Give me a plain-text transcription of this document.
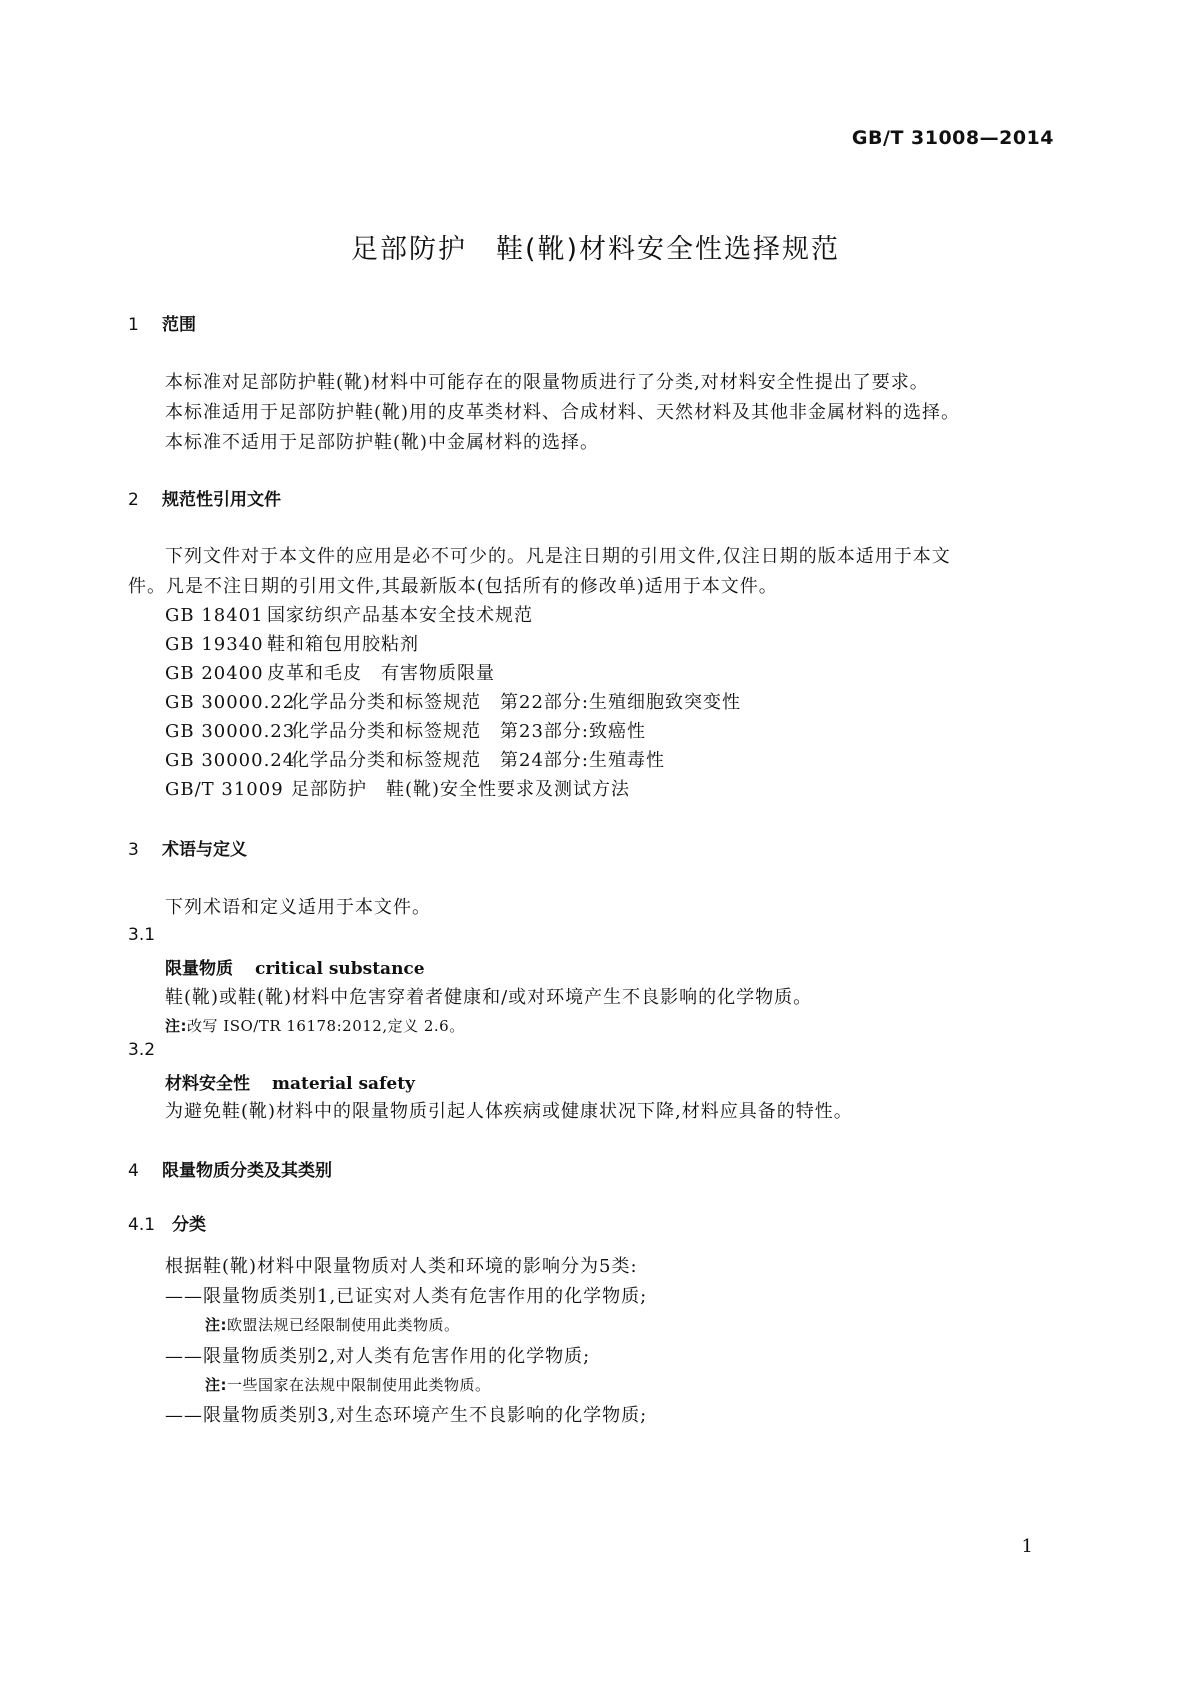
GB/T 31008—2014
足部防护　鞋(靴)材料安全性选择规范
1 范围
本标准对足部防护鞋(靴)材料中可能存在的限量物质进行了分类,对材料安全性提出了要求。
本标准适用于足部防护鞋(靴)用的皮革类材料、合成材料、天然材料及其他非金属材料的选择。
本标准不适用于足部防护鞋(靴)中金属材料的选择。
2 规范性引用文件
下列文件对于本文件的应用是必不可少的。凡是注日期的引用文件,仅注日期的版本适用于本文
件。凡是不注日期的引用文件,其最新版本(包括所有的修改单)适用于本文件。
GB 18401 国家纺织产品基本安全技术规范
GB 19340 鞋和箱包用胶粘剂
GB 20400 皮革和毛皮　有害物质限量
GB 30000.22化学品分类和标签规范　第22部分:生殖细胞致突变性
GB 30000.23化学品分类和标签规范　第23部分:致癌性
GB 30000.24化学品分类和标签规范　第24部分:生殖毒性
GB/T 31009 足部防护　鞋(靴)安全性要求及测试方法
3 术语与定义
下列术语和定义适用于本文件。
3.1
限量物质 critical substance
鞋(靴)或鞋(靴)材料中危害穿着者健康和/或对环境产生不良影响的化学物质。
注:改写 ISO/TR 16178:2012,定义 2.6。
3.2
材料安全性 material safety
为避免鞋(靴)材料中的限量物质引起人体疾病或健康状况下降,材料应具备的特性。
4 限量物质分类及其类别
4.1 分类
根据鞋(靴)材料中限量物质对人类和环境的影响分为5类:
——限量物质类别1,已证实对人类有危害作用的化学物质;
注:欧盟法规已经限制使用此类物质。
——限量物质类别2,对人类有危害作用的化学物质;
注:一些国家在法规中限制使用此类物质。
——限量物质类别3,对生态环境产生不良影响的化学物质;
1
